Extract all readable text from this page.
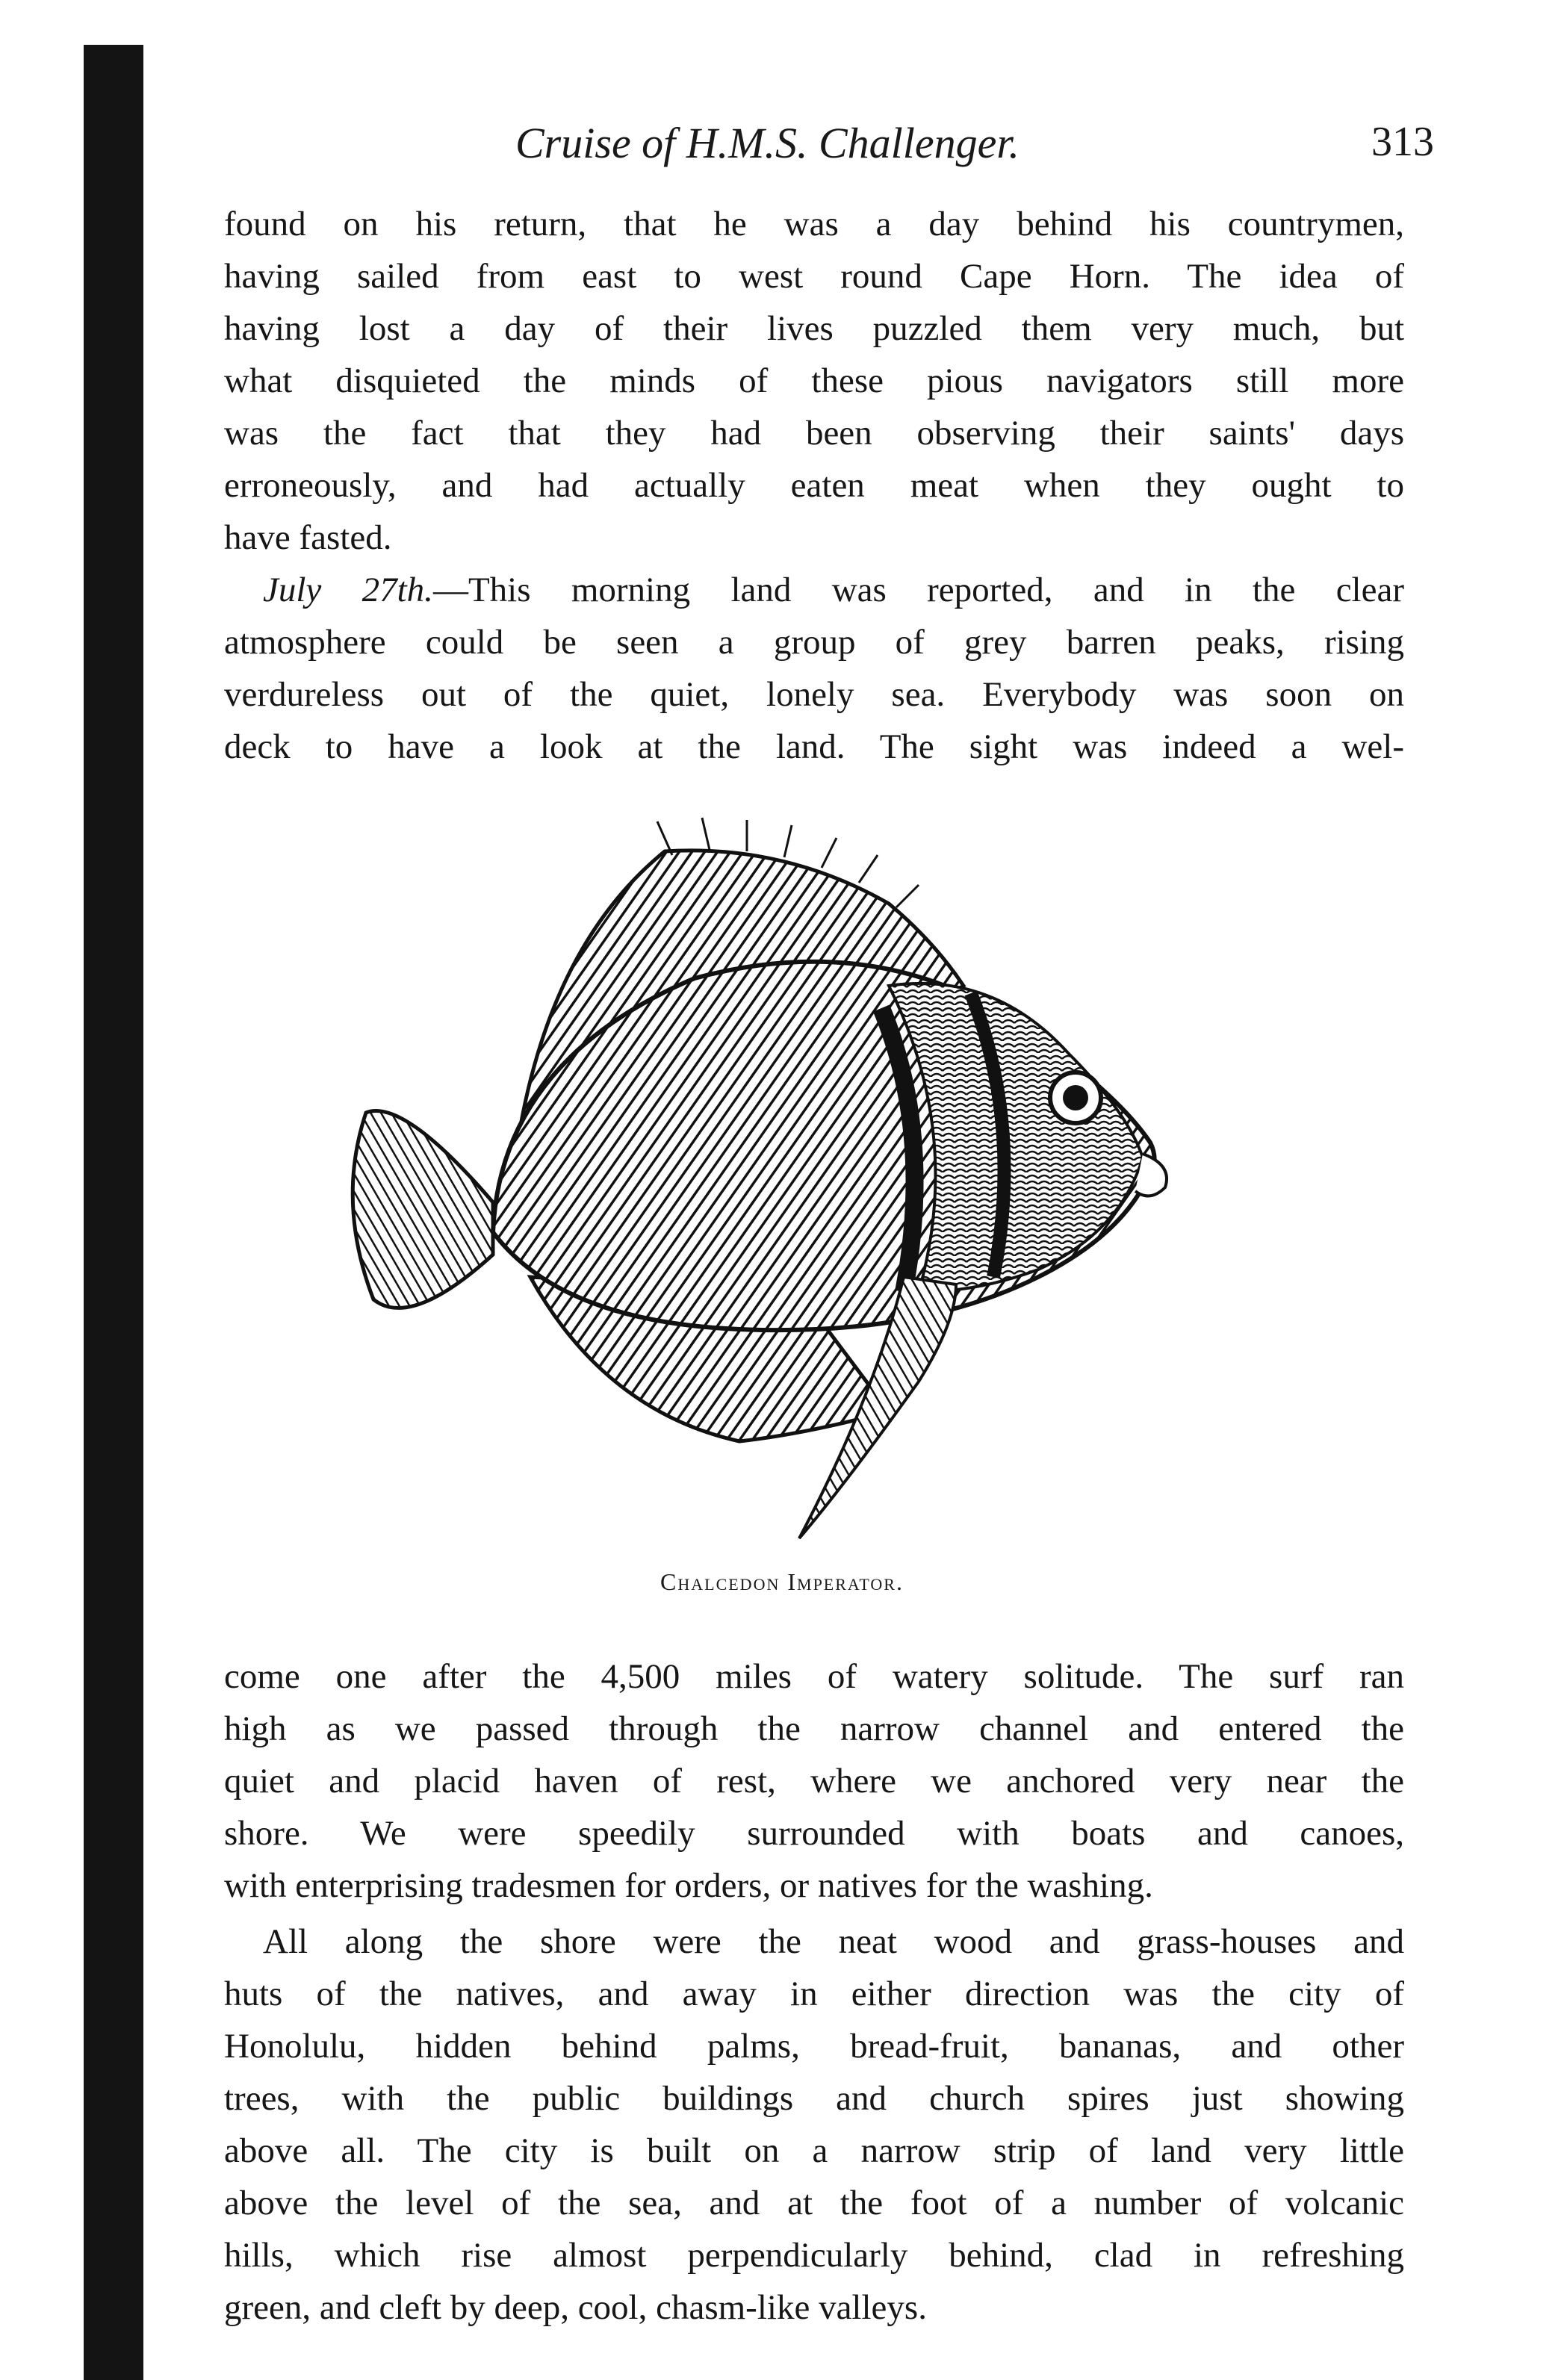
Cruise of H.M.S. Challenger.	313
found on his return, that he was a day behind his countrymen,
having sailed from east to west round Cape Horn. The idea of
having lost a day of their lives puzzled them very much, but
what disquieted the minds of these pious navigators still more
was the fact that they had been observing their saints' days
erroneously, and had actually eaten meat when they ought to
have fasted.
July 27th.—This morning land was reported, and in the clear
atmosphere could be seen a group of grey barren peaks, rising
verdureless out of the quiet, lonely sea. Everybody was soon on
deck to have a look at the land. The sight was indeed a wel-
Chalcedon Imperator.
come one after the 4,500 miles of watery solitude. The surf ran
high as we passed through the narrow channel and entered the
quiet and placid haven of rest, where we anchored very near the
shore. We were speedily surrounded with boats and canoes,
with enterprising tradesmen for orders, or natives for the washing.
All along the shore were the neat wood and grass-houses and
huts of the natives, and away in either direction was the city of
Honolulu, hidden behind palms, bread-fruit, bananas, and other
trees, with the public buildings and church spires just showing
above all. The city is built on a narrow strip of land very little
above the level of the sea, and at the foot of a number of volcanic
hills, which rise almost perpendicularly behind, clad in refreshing
green, and cleft by deep, cool, chasm-like valleys.
